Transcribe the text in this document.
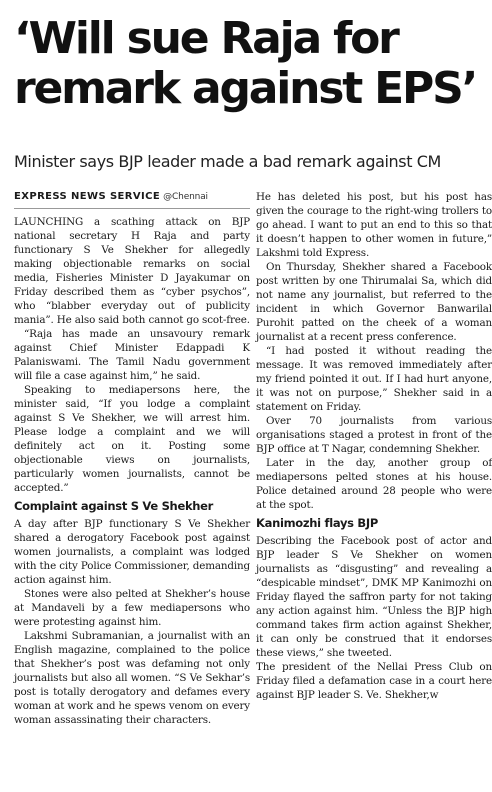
‘Will sue Raja for remark against EPS’
Minister says BJP leader made a bad remark against CM
EXPRESS NEWS SERVICE @Chennai

LAUNCHING a scathing attack on BJP national secretary H Raja and party functionary S Ve Shekher for allegedly making objectionable remarks on social media, Fisheries Minister D Jayakumar on Friday described them as “cyber psychos”, who “blabber everyday out of publicity mania”. He also said both cannot go scot-free.

“Raja has made an unsavoury remark against Chief Minister Edappadi K Palaniswami. The Tamil Nadu government will file a case against him,” he said.

Speaking to mediapersons here, the minister said, “If you lodge a complaint against S Ve Shekher, we will arrest him. Please lodge a complaint and we will definitely act on it. Posting some objectionable views on journalists, particularly women journalists, cannot be accepted.”

Complaint against S Ve Shekher

A day after BJP functionary S Ve Shekher shared a derogatory Facebook post against women journalists, a complaint was lodged with the city Police Commissioner, demanding action against him.

Stones were also pelted at Shekher’s house at Mandaveli by a few mediapersons who were protesting against him.

Lakshmi Subramanian, a journalist with an English magazine, complained to the police that Shekher’s post was defaming not only journalists but also all women. “S Ve Sekhar’s post is totally derogatory and defames every woman at work and he spews venom on every woman assassinating their characters.

He has deleted his post, but his post has given the courage to the right-wing trollers to go ahead. I want to put an end to this so that it doesn’t happen to other women in future,” Lakshmi told Express.

On Thursday, Shekher shared a Facebook post written by one Thirumalai Sa, which did not name any journalist, but referred to the incident in which Governor Banwarilal Purohit patted on the cheek of a woman journalist at a recent press conference.

“I had posted it without reading the message. It was removed immediately after my friend pointed it out. If I had hurt anyone, it was not on purpose,” Shekher said in a statement on Friday.

Over 70 journalists from various organisations staged a protest in front of the BJP office at T Nagar, condemning Shekher.

Later in the day, another group of mediapersons pelted stones at his house. Police detained around 28 people who were at the spot.

Kanimozhi flays BJP

Describing the Facebook post of actor and BJP leader S Ve Shekher on women journalists as “disgusting” and revealing a “despicable mindset”, DMK MP Kanimozhi on Friday flayed the saffron party for not taking any action against him. “Unless the BJP high command takes firm action against Shekher, it can only be construed that it endorses these views,” she tweeted.

The president of the Nellai Press Club on Friday filed a defamation case in a court here against BJP leader S. Ve. Shekher,w
